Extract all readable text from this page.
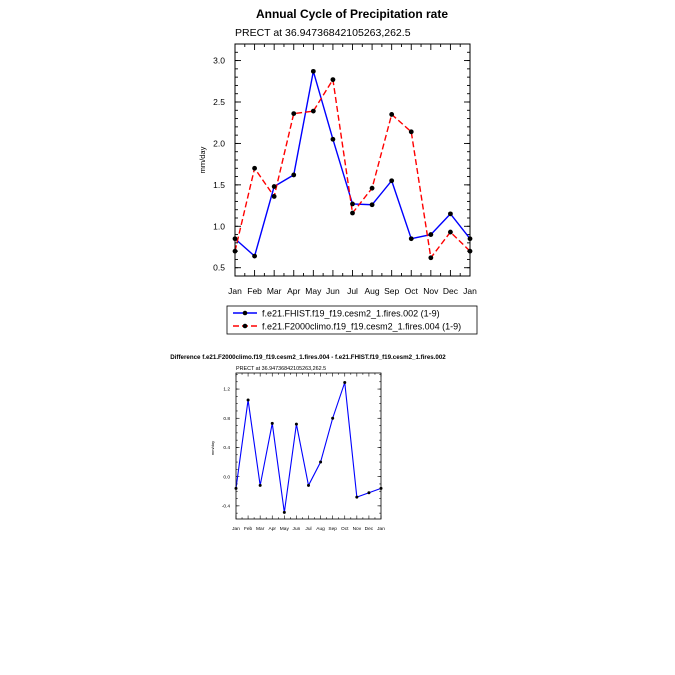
Annual Cycle of Precipitation rate
PRECT at 36.94736842105263,262.5
mm/day
Jan Feb Mar Apr May Jun Jul Aug Sep Oct Nov Dec Jan
0.5
1.0
1.5
2.0
2.5
3.0
f.e21.FHIST.f19_f19.cesm2_1.fires.002 (1-9)
f.e21.F2000climo.f19_f19.cesm2_1.fires.004 (1-9)
Difference f.e21.F2000climo.f19_f19.cesm2_1.fires.004 - f.e21.FHIST.f19_f19.cesm2_1.fires.002
PRECT at 36.94736842105263,262.5
mm/day
Jan Feb Mar Apr May Jun Jul Aug Sep Oct Nov Dec Jan
-0.4
0.0
0.4
0.8
1.2
